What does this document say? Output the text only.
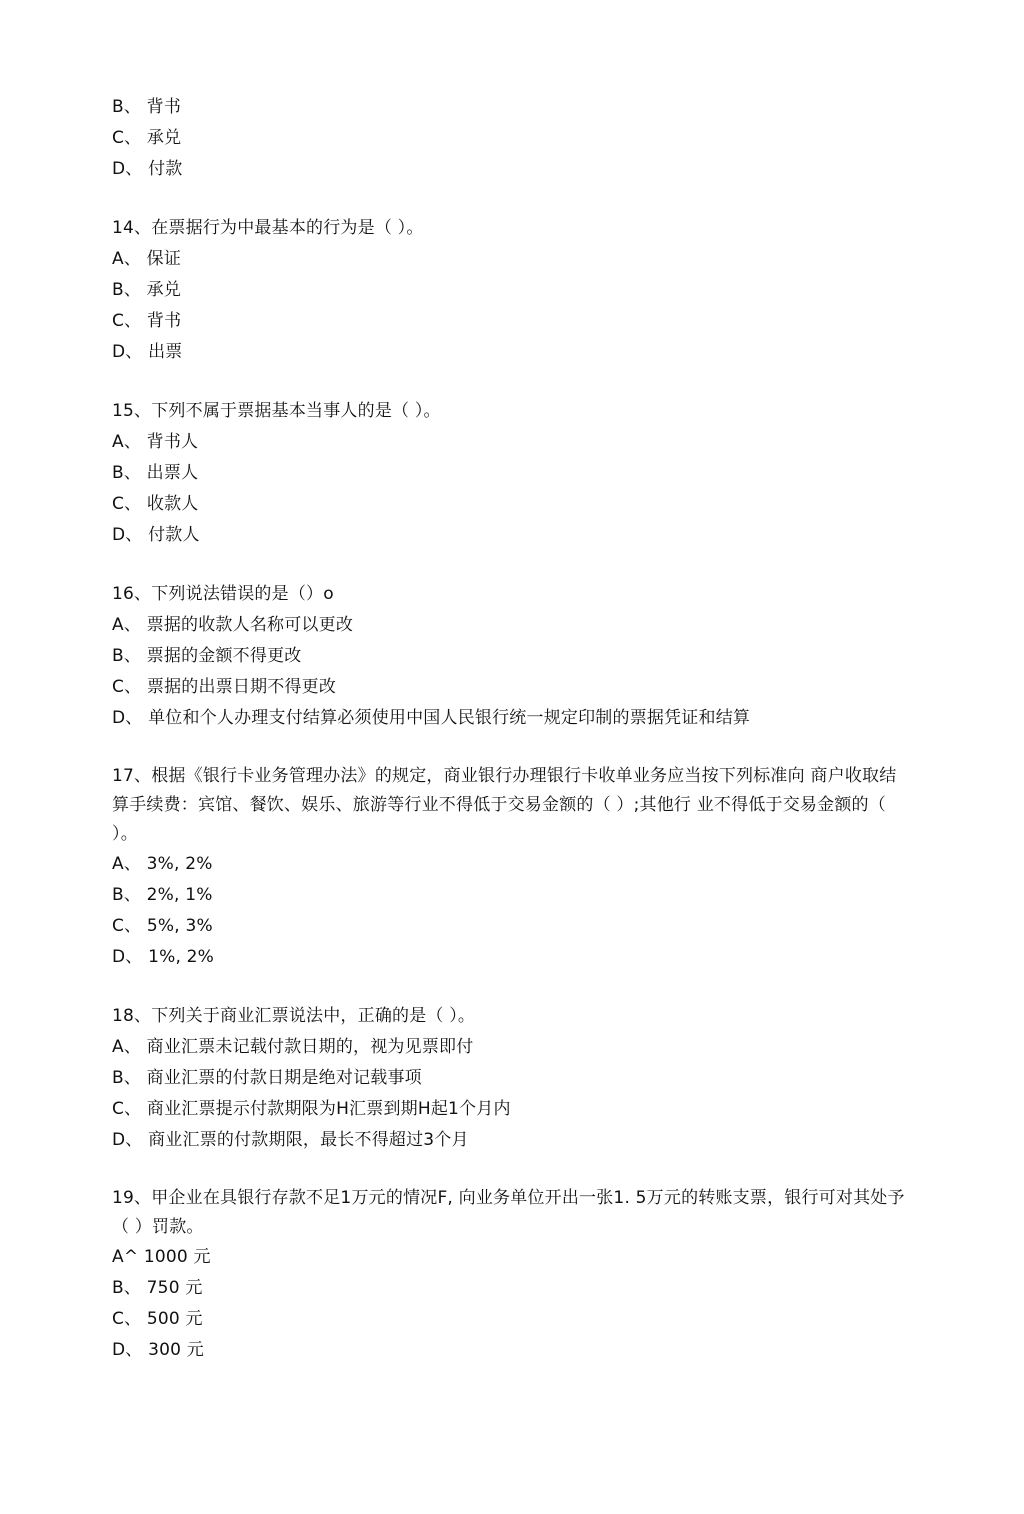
B、 背书
C、 承兑
D、 付款
14、在票据行为中最基本的行为是（ ）。
A、 保证
B、 承兑
C、 背书
D、 出票
15、下列不属于票据基本当事人的是（ ）。
A、 背书人
B、 出票人
C、 收款人
D、 付款人
16、下列说法错误的是（）o
A、 票据的收款人名称可以更改
B、 票据的金额不得更改
C、 票据的出票日期不得更改
D、 单位和个人办理支付结算必须使用中国人民银行统一规定印制的票据凭证和结算
17、根据《银行卡业务管理办法》的规定，商业银行办理银行卡收单业务应当按下列标准向 商户收取结算手续费：宾馆、餐饮、娱乐、旅游等行业不得低于交易金额的（ ）;其他行 业不得低于交易金额的（ ）。
A、 3%, 2%
B、 2%, 1%
C、 5%, 3%
D、 1%, 2%
18、下列关于商业汇票说法中，正确的是（ ）。
A、 商业汇票未记载付款日期的，视为见票即付
B、 商业汇票的付款日期是绝对记载事项
C、 商业汇票提示付款期限为H汇票到期H起1个月内
D、 商业汇票的付款期限，最长不得超过3个月
19、甲企业在具银行存款不足1万元的情况F, 向业务单位开出一张1. 5万元的转账支票，银行可对其处予（ ）罚款。
A^ 1000 元
B、 750 元
C、 500 元
D、 300 元
